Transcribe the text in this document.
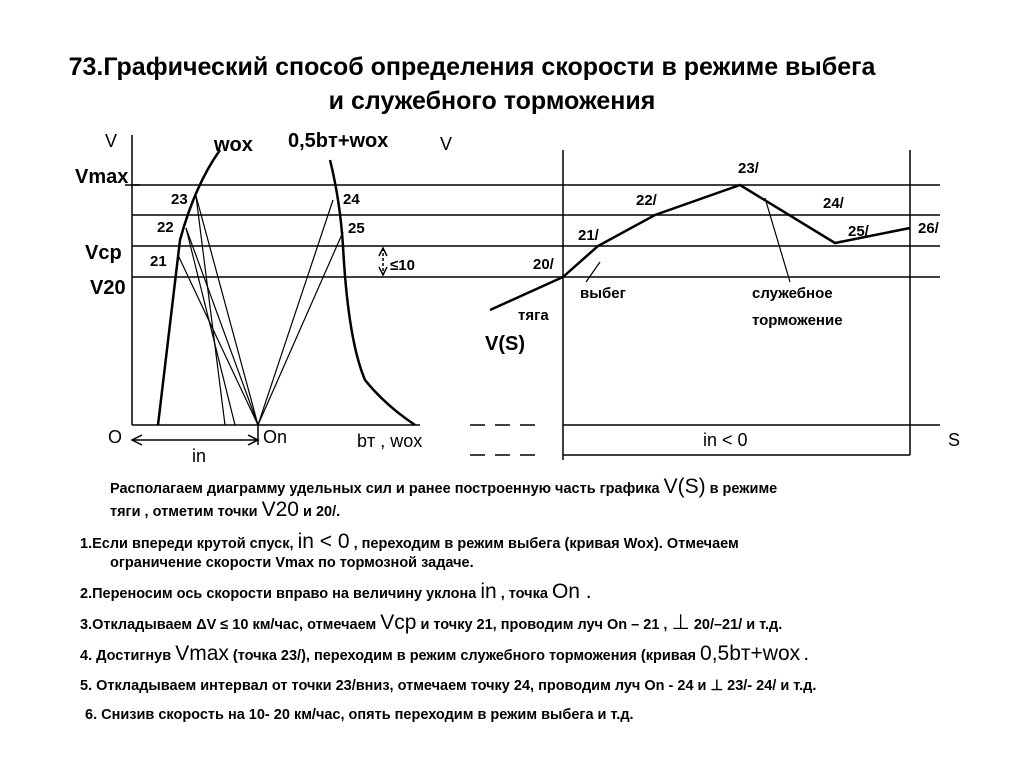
73.Графический способ определения скорости в режиме выбега
и служебного торможения
V
Vmax
Vcp
V20
O	On
in
bт , wox
wox 0,5bт+wox
23
22
21
24
25
≤10
V
S
in < 0
V(S)
тяга
выбег	служебное
торможение
20/
21/
22/
23/
24/
25/	26/
Располагаем диаграмму удельных сил и ранее построенную часть графика V(S) в режиме
тяги , отметим точки V20 и 20/.
1.Если впереди крутой спуск, in < 0 , переходим в режим выбега (кривая Wox). Отмечаем
ограничение скорости Vmax по тормозной задаче.
2.Переносим ось скорости вправо на величину уклона in , точка On .
3.Откладываем ΔV ≤ 10 км/час, отмечаем Vcp и точку 21, проводим луч On – 21 , ⊥ 20/–21/ и т.д.
4. Достигнув Vmax (точка 23/), переходим в режим служебного торможения (кривая 0,5bт+wox .
5. Откладываем интервал от точки 23/вниз, отмечаем точку 24, проводим луч On - 24 и ⊥ 23/- 24/ и т.д.
6. Снизив скорость на 10- 20 км/час, опять переходим в режим выбега и т.д.
